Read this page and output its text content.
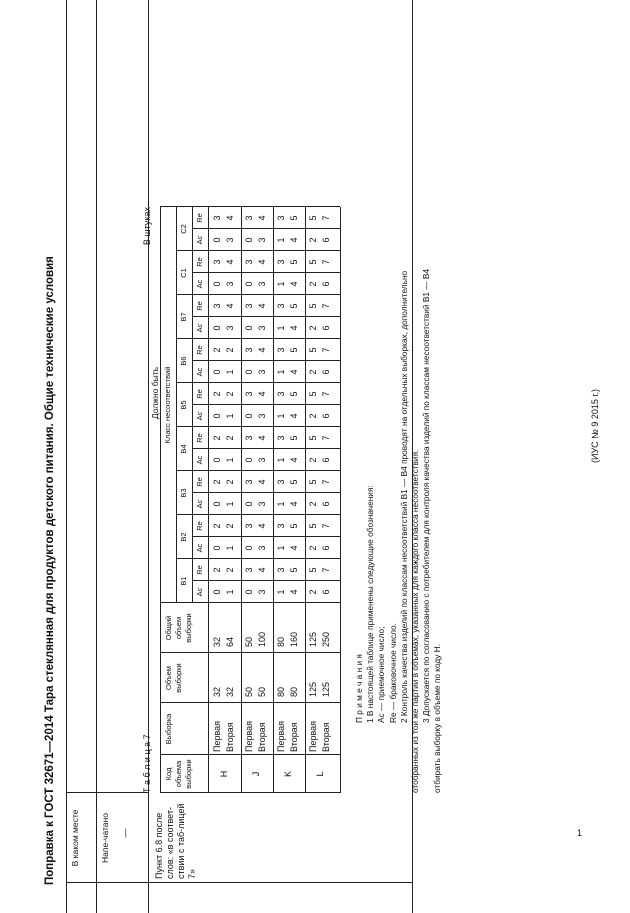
1
Поправка к ГОСТ 32671—2014 Тара стеклянная для продуктов детского питания. Общие технические условия В каком месте Напе-чатано
Должно быть
Пункт 6.8 после слов: «в соответ-ствии с таб-лицей 7»
—
Т а б л и ц а 7
В штуках
Код объема выборки
Выборка
Объем выборки
Общий объем выборки
Класс несоответствий
B1
Ac
Re
B2
Ac
Re
B3
Ac
Re
B4
Ac
Re
B5
Ac
Re
B6
Ac
Re
B7
Ac
Re
C1
Ac
Re
C2
Ac
Re
H
Первая
32
32
0
2
0
2
0
2
0
2
0
2
0
2
0
3
0
3
0
3
Вторая
32
64
1
2
1
2
1
2
1
2
1
2
1
2
3
4
3
4
3
4
J
Первая
50
50
0
3
0
3
0
3
0
3
0
3
0
3
0
3
0
3
0
3
Вторая
50
100
3
4
3
4
3
4
3
4
3
4
3
4
3
4
3
4
3
4
K
Первая
80
80
1
3
1
3
1
3
1
3
1
3
1
3
1
3
1
3
1
3
Вторая
80
160
4
5
4
5
4
5
4
5
4
5
4
5
4
5
4
5
4
5
L
Первая
125
125
2
5
2
5
2
5
2
5
2
5
2
5
2
5
2
5
2
5
Вторая
125
250
6
7
6
7
6
7
6
7
6
7
6
7
6
7
6
7
6
7
П р и м е ч а н и я 1 В настоящей таблице применены следующие обозначения: Ac — приемочное число; Re — браковочное число. 2 Контроль качества изделий по классам несоответствий B1 — B4 проводят на отдельных выборках, дополнительно отобранных из той же партии в объемах, указанных для каждого класса несоответствия. 3 Допускается по согласованию с потребителем для контроля качества изделий по классам несоответствий B1 — B4 отбирать выборку в объеме по коду H.
(ИУС № 9 2015 г.)
